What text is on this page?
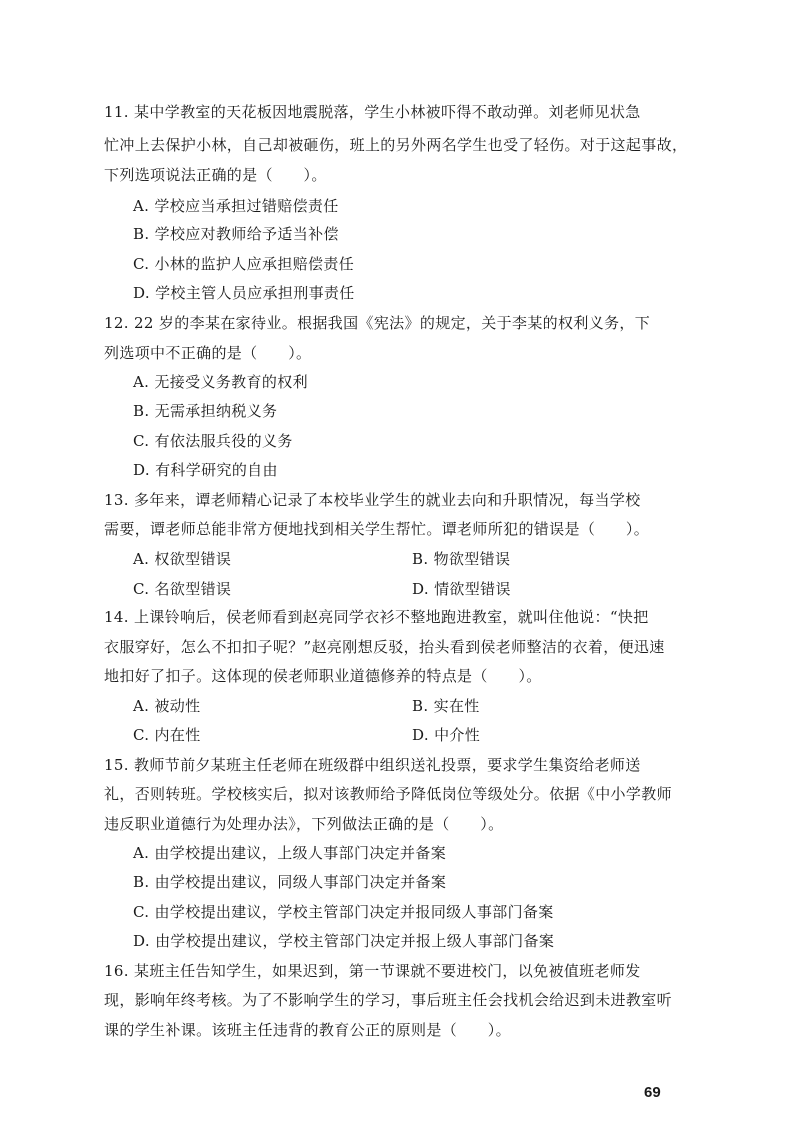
11. 某中学教室的天花板因地震脱落，学生小林被吓得不敢动弹。刘老师见状急
忙冲上去保护小林，自己却被砸伤，班上的另外两名学生也受了轻伤。对于这起事故，
下列选项说法正确的是（　　）。
A. 学校应当承担过错赔偿责任
B. 学校应对教师给予适当补偿
C. 小林的监护人应承担赔偿责任
D. 学校主管人员应承担刑事责任
12. 22 岁的李某在家待业。根据我国《宪法》的规定，关于李某的权利义务，下
列选项中不正确的是（　　）。
A. 无接受义务教育的权利
B. 无需承担纳税义务
C. 有依法服兵役的义务
D. 有科学研究的自由
13. 多年来，谭老师精心记录了本校毕业学生的就业去向和升职情况，每当学校
需要，谭老师总能非常方便地找到相关学生帮忙。谭老师所犯的错误是（　　）。
A. 权欲型错误	B. 物欲型错误
C. 名欲型错误	D. 情欲型错误
14. 上课铃响后，侯老师看到赵亮同学衣衫不整地跑进教室，就叫住他说：“快把
衣服穿好，怎么不扣扣子呢？”赵亮刚想反驳，抬头看到侯老师整洁的衣着，便迅速
地扣好了扣子。这体现的侯老师职业道德修养的特点是（　　）。
A. 被动性	B. 实在性
C. 内在性	D. 中介性
15. 教师节前夕某班主任老师在班级群中组织送礼投票，要求学生集资给老师送
礼，否则转班。学校核实后，拟对该教师给予降低岗位等级处分。依据《中小学教师
违反职业道德行为处理办法》，下列做法正确的是（　　）。
A. 由学校提出建议，上级人事部门决定并备案
B. 由学校提出建议，同级人事部门决定并备案
C. 由学校提出建议，学校主管部门决定并报同级人事部门备案
D. 由学校提出建议，学校主管部门决定并报上级人事部门备案
16. 某班主任告知学生，如果迟到，第一节课就不要进校门，以免被值班老师发
现，影响年终考核。为了不影响学生的学习，事后班主任会找机会给迟到未进教室听
课的学生补课。该班主任违背的教育公正的原则是（　　）。
69
